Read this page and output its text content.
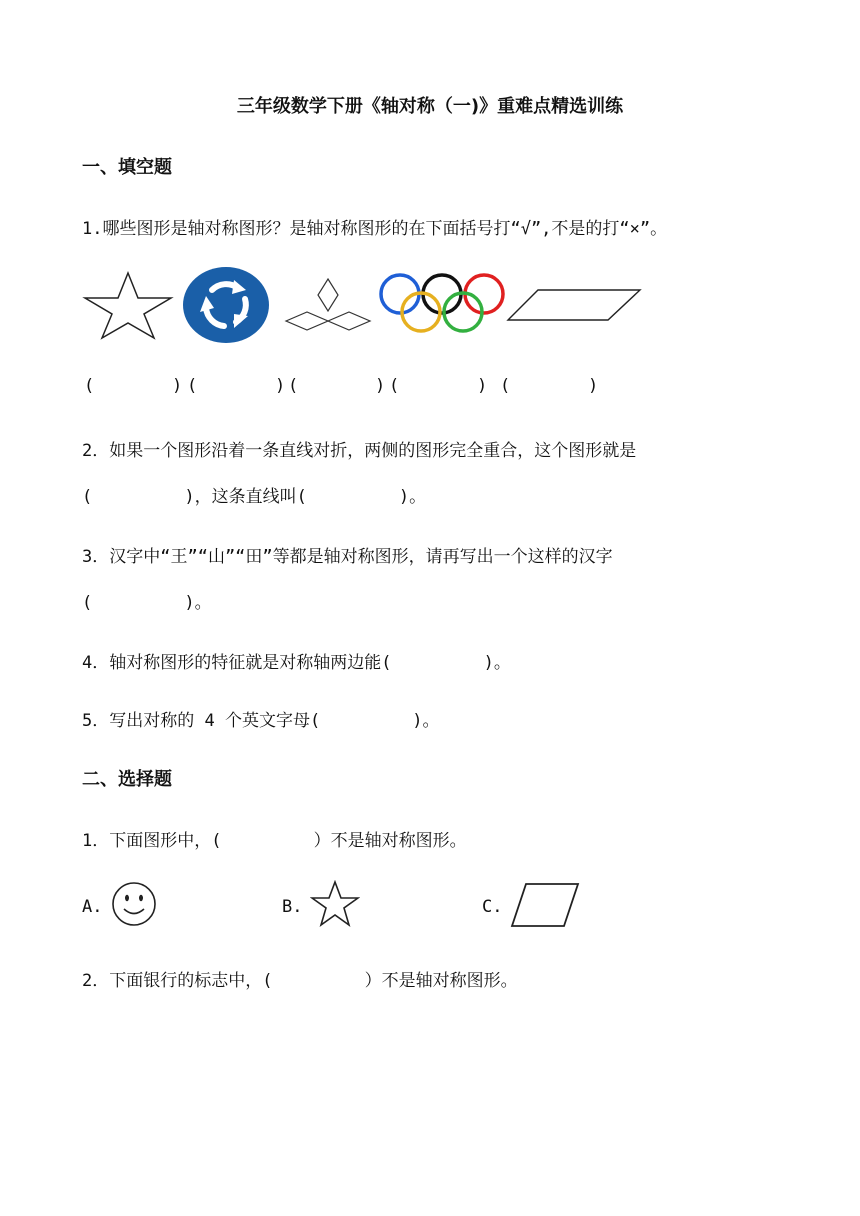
三年级数学下册《轴对称（一)》重难点精选训练
一、填空题
1.哪些图形是轴对称图形？是轴对称图形的在下面括号打“√”,不是的打“×”。
(	) (	) (	) (	) (	)
2．如果一个图形沿着一条直线对折，两侧的图形完全重合，这个图形就是
(         )，这条直线叫(         )。
3．汉字中“王”“山”“田”等都是轴对称图形，请再写出一个这样的汉字
(         )。
4．轴对称图形的特征就是对称轴两边能(         )。
5．写出对称的 4 个英文字母(         )。
二、选择题
1．下面图形中，(         ）不是轴对称图形。
A.	B.	C.
2．下面银行的标志中，(         ）不是轴对称图形。
